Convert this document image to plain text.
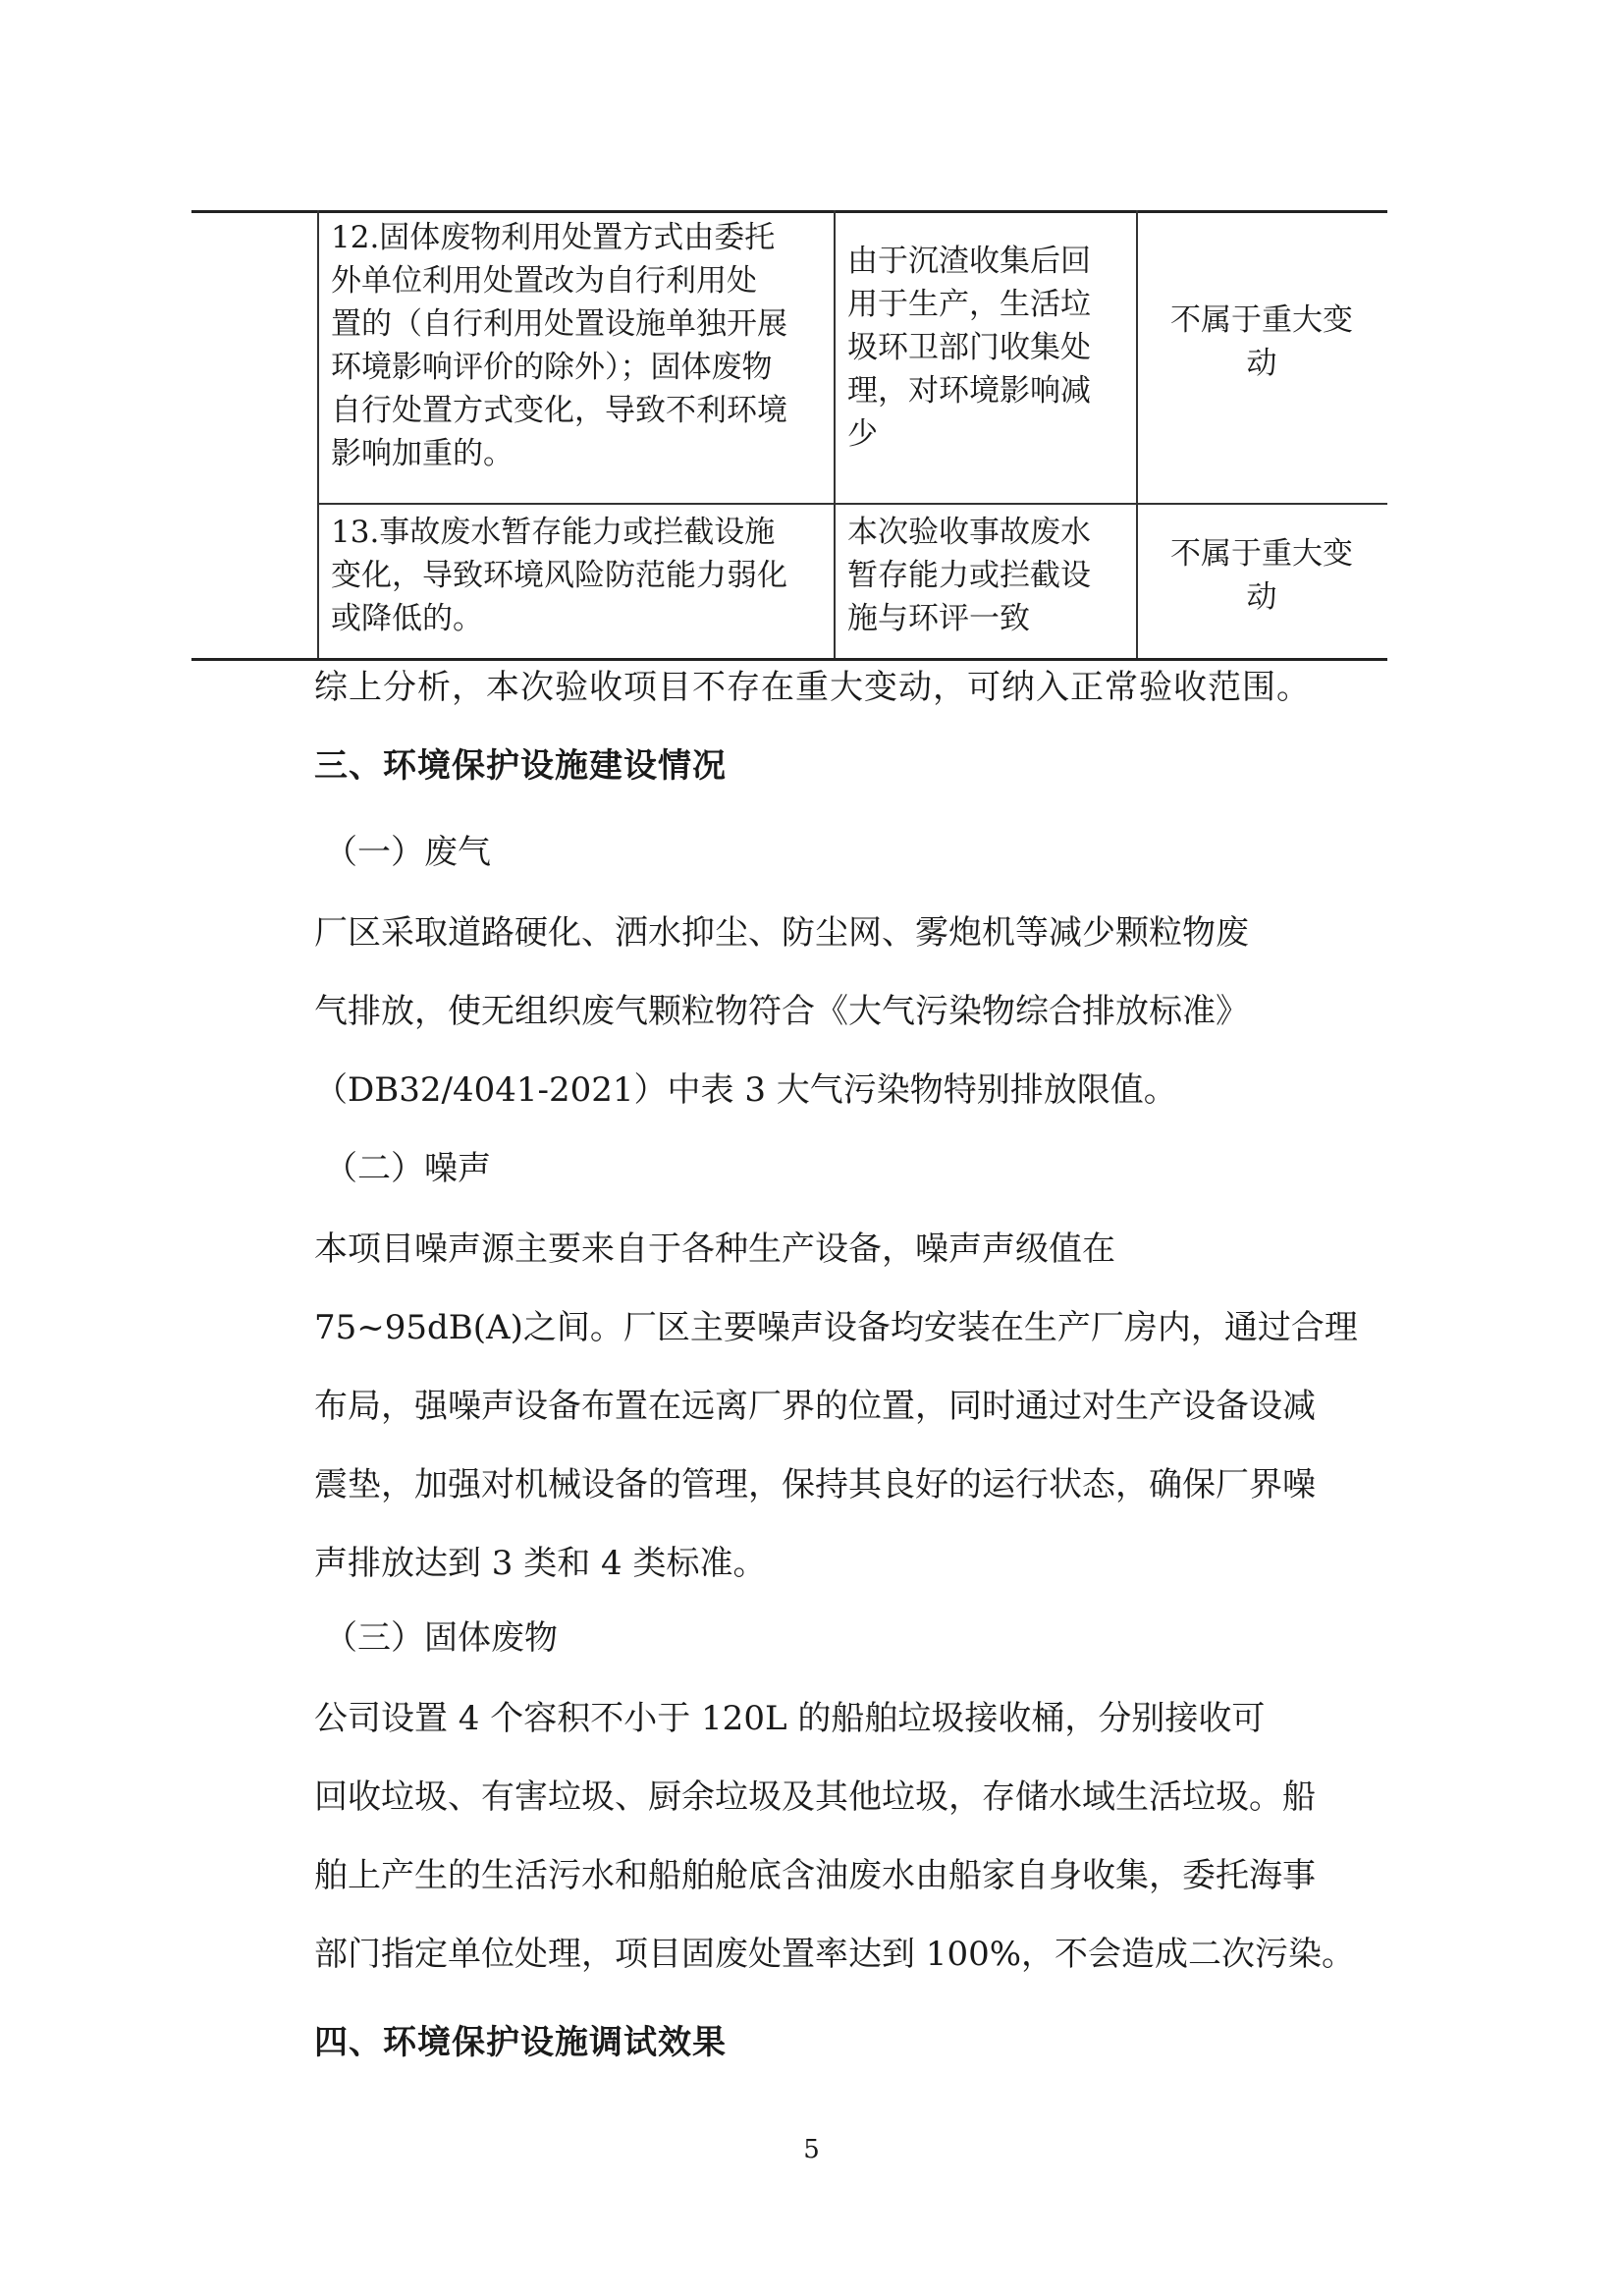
12.固体废物利用处置方式由委托
外单位利用处置改为自行利用处
置的（自行利用处置设施单独开展
环境影响评价的除外）；固体废物
自行处置方式变化，导致不利环境
影响加重的。
由于沉渣收集后回
用于生产，生活垃
圾环卫部门收集处
理，对环境影响减
少
不属于重大变
动
13.事故废水暂存能力或拦截设施
变化，导致环境风险防范能力弱化
或降低的。
本次验收事故废水
暂存能力或拦截设
施与环评一致
不属于重大变
动
综上分析，本次验收项目不存在重大变动，可纳入正常验收范围。
三、环境保护设施建设情况
（一）废气
厂区采取道路硬化、洒水抑尘、防尘网、雾炮机等减少颗粒物废
气排放，使无组织废气颗粒物符合《大气污染物综合排放标准》
（DB32/4041-2021）中表 3 大气污染物特别排放限值。
（二）噪声
本项目噪声源主要来自于各种生产设备，噪声声级值在
75~95dB(A)之间。厂区主要噪声设备均安装在生产厂房内，通过合理
布局，强噪声设备布置在远离厂界的位置，同时通过对生产设备设减
震垫，加强对机械设备的管理，保持其良好的运行状态，确保厂界噪
声排放达到 3 类和 4 类标准。
（三）固体废物
公司设置 4 个容积不小于 120L 的船舶垃圾接收桶，分别接收可
回收垃圾、有害垃圾、厨余垃圾及其他垃圾，存储水域生活垃圾。船
舶上产生的生活污水和船舶舱底含油废水由船家自身收集，委托海事
部门指定单位处理，项目固废处置率达到 100%，不会造成二次污染。
四、环境保护设施调试效果
5
